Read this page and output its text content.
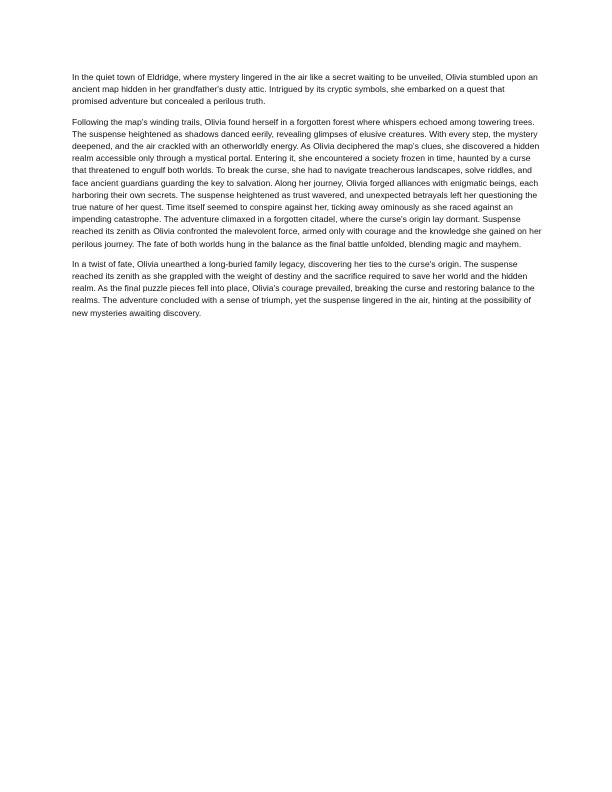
In the quiet town of Eldridge, where mystery lingered in the air like a secret waiting to be unveiled, Olivia stumbled upon an ancient map hidden in her grandfather's dusty attic. Intrigued by its cryptic symbols, she embarked on a quest that promised adventure but concealed a perilous truth.

Following the map's winding trails, Olivia found herself in a forgotten forest where whispers echoed among towering trees. The suspense heightened as shadows danced eerily, revealing glimpses of elusive creatures. With every step, the mystery deepened, and the air crackled with an otherworldly energy. As Olivia deciphered the map's clues, she discovered a hidden realm accessible only through a mystical portal. Entering it, she encountered a society frozen in time, haunted by a curse that threatened to engulf both worlds. To break the curse, she had to navigate treacherous landscapes, solve riddles, and face ancient guardians guarding the key to salvation. Along her journey, Olivia forged alliances with enigmatic beings, each harboring their own secrets. The suspense heightened as trust wavered, and unexpected betrayals left her questioning the true nature of her quest. Time itself seemed to conspire against her, ticking away ominously as she raced against an impending catastrophe. The adventure climaxed in a forgotten citadel, where the curse's origin lay dormant. Suspense reached its zenith as Olivia confronted the malevolent force, armed only with courage and the knowledge she gained on her perilous journey. The fate of both worlds hung in the balance as the final battle unfolded, blending magic and mayhem.

In a twist of fate, Olivia unearthed a long-buried family legacy, discovering her ties to the curse's origin. The suspense reached its zenith as she grappled with the weight of destiny and the sacrifice required to save her world and the hidden realm. As the final puzzle pieces fell into place, Olivia's courage prevailed, breaking the curse and restoring balance to the realms. The adventure concluded with a sense of triumph, yet the suspense lingered in the air, hinting at the possibility of new mysteries awaiting discovery.
